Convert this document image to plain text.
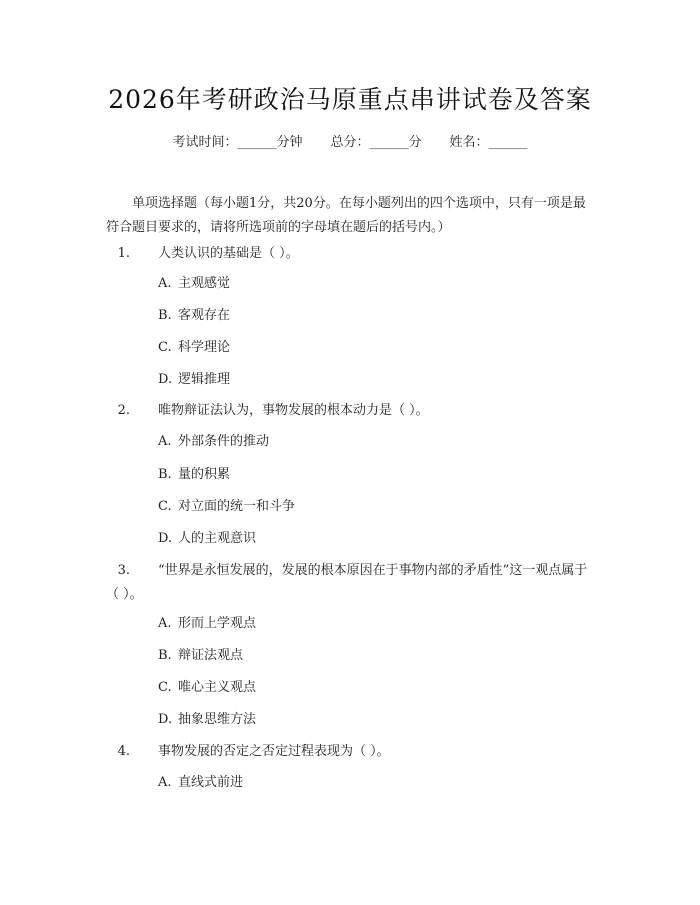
2026年考研政治马原重点串讲试卷及答案
考试时间：______分钟 总分：______分 姓名：______
单项选择题（每小题1分，共20分。在每小题列出的四个选项中，只有一项是最符合题目要求的，请将所选项前的字母填在题后的括号内。）
1. 人类认识的基础是（ ）。
A. 主观感觉
B. 客观存在
C. 科学理论
D. 逻辑推理
2. 唯物辩证法认为，事物发展的根本动力是（ ）。
A. 外部条件的推动
B. 量的积累
C. 对立面的统一和斗争
D. 人的主观意识
3. “世界是永恒发展的，发展的根本原因在于事物内部的矛盾性”这一观点属于（ ）。
A. 形而上学观点
B. 辩证法观点
C. 唯心主义观点
D. 抽象思维方法
4. 事物发展的否定之否定过程表现为（ ）。
A. 直线式前进
